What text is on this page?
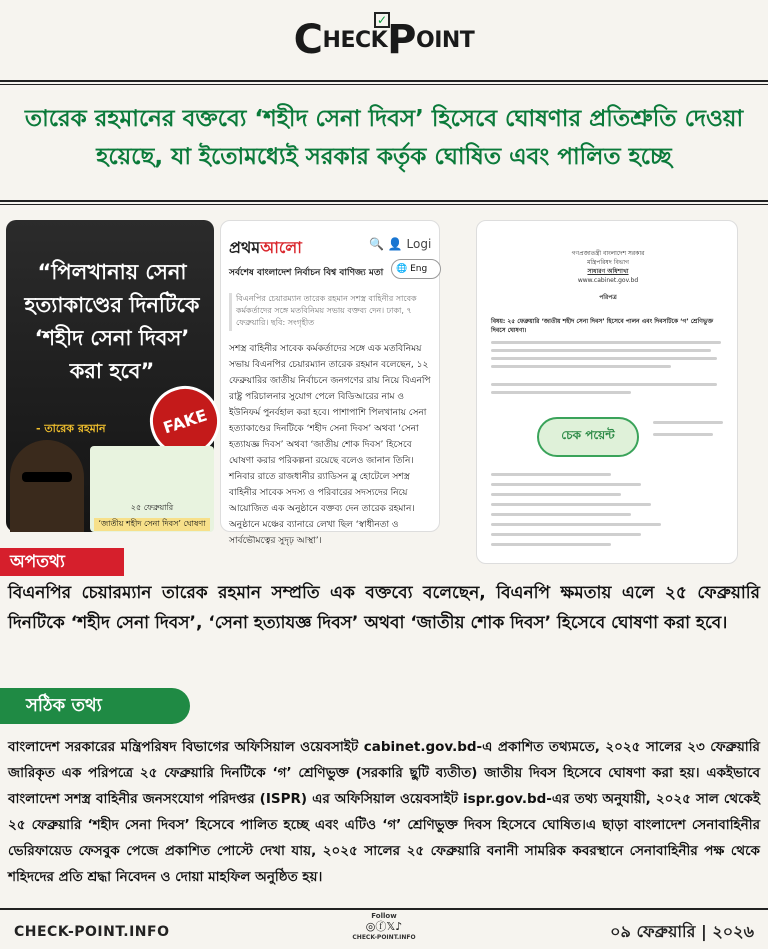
CHECKPOINT
✓
তারেক রহমানের বক্তব্যে ‘শহীদ সেনা দিবস’ হিসেবে ঘোষণার প্রতিশ্রুতি দেওয়া হয়েছে, যা ইতোমধ্যেই সরকার কর্তৃক ঘোষিত এবং পালিত হচ্ছে
“পিলখানায় সেনা হত্যাকাণ্ডের দিনটিকে ‘শহীদ সেনা দিবস’ করা হবে”
- তারেক রহমান	FAKE
২৫ ফেব্রুয়ারি
‘জাতীয় শহীদ সেনা দিবস’ ঘোষণা
প্রথমআলো	🔍 👤 Logi
সর্বশেষ বাংলাদেশ নির্বাচন বিশ্ব বাণিজ্য মতা	🌐 Eng
বিএনপির চেয়ারম্যান তারেক রহমান সশস্ত্র বাহিনীর সাবেক কর্মকর্তাদের সঙ্গে মতবিনিময় সভায় বক্তব্য দেন। ঢাকা, ৭ ফেব্রুয়ারি। ছবি: সংগৃহীত
সশস্ত্র বাহিনীর সাবেক কর্মকর্তাদের সঙ্গে এক মতবিনিময় সভায় বিএনপির চেয়ারম্যান তারেক রহমান বলেছেন, ১২ ফেব্রুয়ারির জাতীয় নির্বাচনে জনগণের রায় নিয়ে বিএনপি রাষ্ট্র পরিচালনার সুযোগ পেলে বিডিআরের নাম ও ইউনিফর্ম পুনর্বহাল করা হবে। পাশাপাশি পিলখানায় সেনা হত্যাকাণ্ডের দিনটিকে ‘শহীদ সেনা দিবস’ অথবা ‘সেনা হত্যাযজ্ঞ দিবস’ অথবা ‘জাতীয় শোক দিবস’ হিসেবে ঘোষণা করার পরিকল্পনা রয়েছে বলেও জানান তিনি। শনিবার রাতে রাজধানীর র‍্যাডিসন ব্লু হোটেলে সশস্ত্র বাহিনীর সাবেক সদস্য ও পরিবারের সদস্যদের নিয়ে আয়োজিত এক অনুষ্ঠানে বক্তব্য দেন তারেক রহমান। অনুষ্ঠানে মঞ্চের ব্যানারে লেখা ছিল ‘স্বাধীনতা ও সার্বভৌমত্বের সুদৃঢ় আস্থা’।
গণপ্রজাতন্ত্রী বাংলাদেশ সরকার
মন্ত্রিপরিষদ বিভাগ
সাধারণ অধিশাখা
www.cabinet.gov.bd
পরিপত্র
বিষয়: ২৫ ফেব্রুয়ারি ‘জাতীয় শহীদ সেনা দিবস’ হিসেবে পালন এবং দিবসটিকে ‘গ’ শ্রেণিভুক্ত দিবসে ঘোষণা।
চেক পয়েন্ট
অপতথ্য
বিএনপির চেয়ারম্যান তারেক রহমান সম্প্রতি এক বক্তব্যে বলেছেন, বিএনপি ক্ষমতায় এলে ২৫ ফেব্রুয়ারি দিনটিকে ‘শহীদ সেনা দিবস’, ‘সেনা হত্যাযজ্ঞ দিবস’ অথবা ‘জাতীয় শোক দিবস’ হিসেবে ঘোষণা করা হবে।
সঠিক তথ্য
বাংলাদেশ সরকারের মন্ত্রিপরিষদ বিভাগের অফিসিয়াল ওয়েবসাইট cabinet.gov.bd-এ প্রকাশিত তথ্যমতে, ২০২৫ সালের ২৩ ফেব্রুয়ারি জারিকৃত এক পরিপত্রে ২৫ ফেব্রুয়ারি দিনটিকে ‘গ’ শ্রেণিভুক্ত (সরকারি ছুটি ব্যতীত) জাতীয় দিবস হিসেবে ঘোষণা করা হয়। একইভাবে বাংলাদেশ সশস্ত্র বাহিনীর জনসংযোগ পরিদপ্তর (ISPR) এর অফিসিয়াল ওয়েবসাইট ispr.gov.bd-এর তথ্য অনুযায়ী, ২০২৫ সাল থেকেই ২৫ ফেব্রুয়ারি ‘শহীদ সেনা দিবস’ হিসেবে পালিত হচ্ছে এবং এটিও ‘গ’ শ্রেণিভুক্ত দিবস হিসেবে ঘোষিত।এ ছাড়া বাংলাদেশ সেনাবাহিনীর ভেরিফায়েড ফেসবুক পেজে প্রকাশিত পোস্টে দেখা যায়, ২০২৫ সালের ২৫ ফেব্রুয়ারি বনানী সামরিক কবরস্থানে সেনাবাহিনীর পক্ষ থেকে শহিদদের প্রতি শ্রদ্ধা নিবেদন ও দোয়া মাহফিল অনুষ্ঠিত হয়।
CHECK-POINT.INFO
Follow
◎ⓕ𝕏♪
CHECK-POINT.INFO	০৯ ফেব্রুয়ারি | ২০২৬
